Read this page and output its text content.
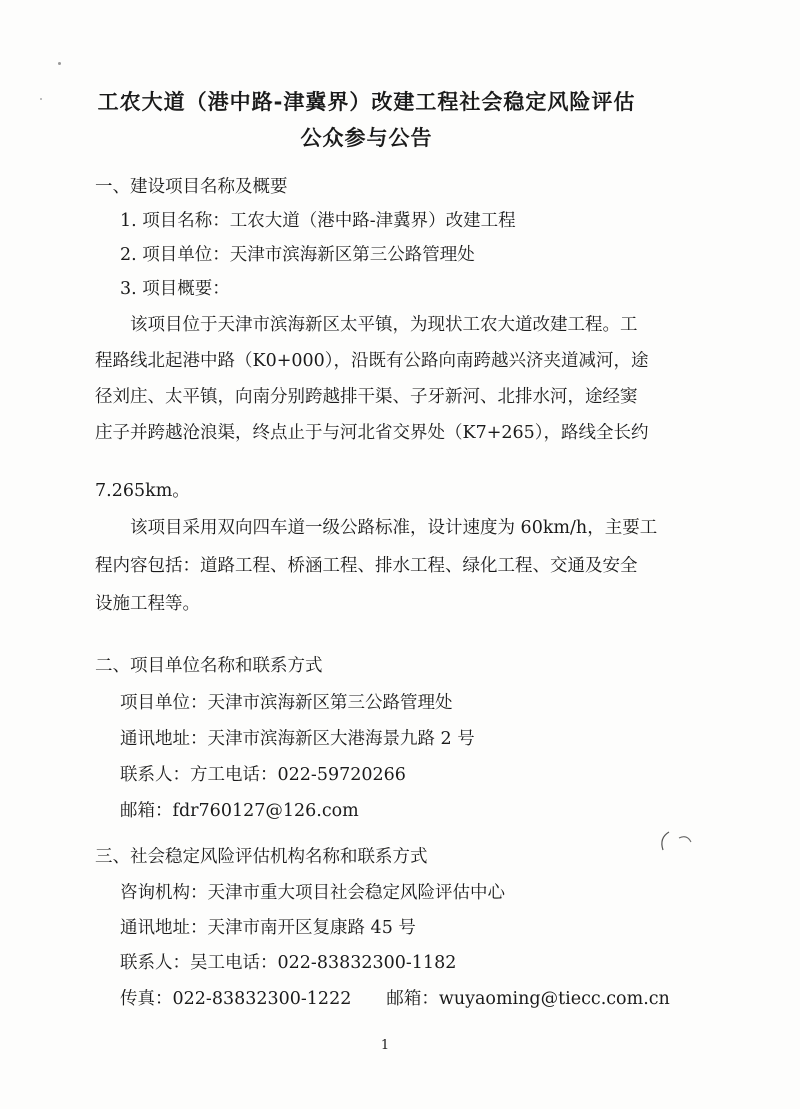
工农大道（港中路-津冀界）改建工程社会稳定风险评估
公众参与公告
一、建设项目名称及概要
1. 项目名称：工农大道（港中路-津冀界）改建工程
2. 项目单位：天津市滨海新区第三公路管理处
3. 项目概要：
该项目位于天津市滨海新区太平镇，为现状工农大道改建工程。工
程路线北起港中路（K0+000），沿既有公路向南跨越兴济夹道减河，途
径刘庄、太平镇，向南分别跨越排干渠、子牙新河、北排水河，途经窦
庄子并跨越沧浪渠，终点止于与河北省交界处（K7+265），路线全长约
7.265km。
该项目采用双向四车道一级公路标准，设计速度为 60km/h，主要工
程内容包括：道路工程、桥涵工程、排水工程、绿化工程、交通及安全
设施工程等。
二、项目单位名称和联系方式
项目单位：天津市滨海新区第三公路管理处
通讯地址：天津市滨海新区大港海景九路 2 号
联系人：方工电话：022-59720266
邮箱：fdr760127@126.com
三、社会稳定风险评估机构名称和联系方式
咨询机构：天津市重大项目社会稳定风险评估中心
通讯地址：天津市南开区复康路 45 号
联系人：吴工电话：022-83832300-1182
传真：022-83832300-1222　　邮箱：wuyaoming@tiecc.com.cn
1
